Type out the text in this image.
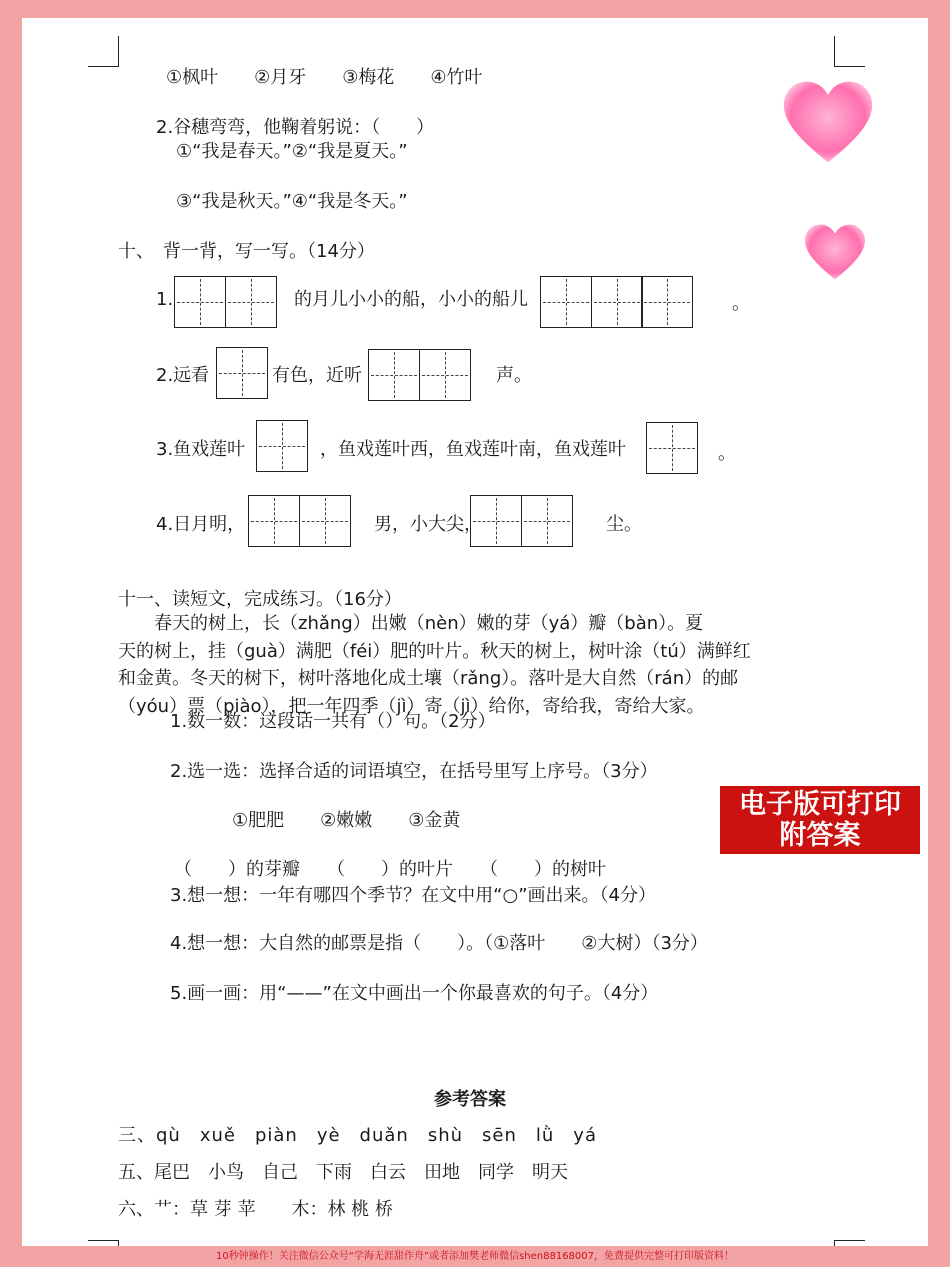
①枫叶　　②月牙　　③梅花　　④竹叶
2.谷穗弯弯，他鞠着躬说：（　　）
①“我是春天。”②“我是夏天。”
③“我是秋天。”④“我是冬天。”
十、　背一背，写一写。（14分）
1.	的月儿小小的船，小小的船儿	。
2.远看	有色，近听	声。
3.鱼戏莲叶	，鱼戏莲叶西，鱼戏莲叶南，鱼戏莲叶	。
4.日月明，	男，小大尖，	尘。
十一、读短文，完成练习。（16分）
　　春天的树上，长（zhǎng）出嫩（nèn）嫩的芽（yá）瓣（bàn）。夏
天的树上，挂（guà）满肥（féi）肥的叶片。秋天的树上，树叶涂（tú）满鲜红
和金黄。冬天的树下，树叶落地化成土壤（rǎng）。落叶是大自然（rán）的邮
（yóu）票（piào），把一年四季（jì）寄（jì）给你，寄给我，寄给大家。
1.数一数：这段话一共有（）句。（2分）
2.选一选：选择合适的词语填空，在括号里写上序号。（3分）
①肥肥　　②嫩嫩　　③金黄
（　　）的芽瓣　　（　　）的叶片　　（　　）的树叶
3.想一想：一年有哪四个季节？在文中用“○”画出来。（4分）
4.想一想：大自然的邮票是指（　　）。（①落叶　　②大树）（3分）
5.画一画：用“——”在文中画出一个你最喜欢的句子。（4分）
参考答案
三、qù　xuě　piàn　yè　duǎn　shù　sēn　lǜ　yá
五、尾巴　小鸟　自己　下雨　白云　田地　同学　明天
六、艹：草 芽 苹　　木：林 桃 桥
电子版可打印
附答案
10秒钟操作！关注微信公众号“学海无涯甜作舟”或者添加樊老师微信shen88168007，免费提供完整可打印版资料！
